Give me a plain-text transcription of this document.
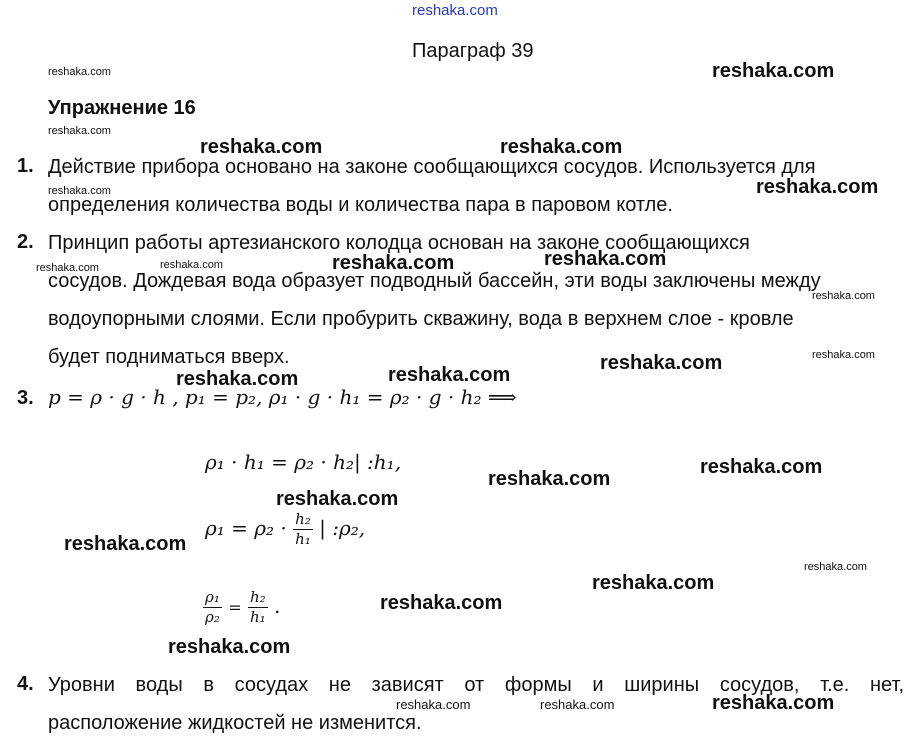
reshaka.com
Параграф 39
Упражнение 16
1. Действие прибора основано на законе сообщающихся сосудов. Используется для
определения количества воды и количества пара в паровом котле.
2. Принцип работы артезианского колодца основан на законе сообщающихся
сосудов. Дождевая вода образует подводный бассейн, эти воды заключены между
водоупорными слоями. Если пробурить скважину, вода в верхнем слое - кровле
будет подниматься вверх.
3. p = ρ · g · h , p₁ = p₂, ρ₁ · g · h₁ = ρ₂ · g · h₂ ⟹
ρ₁ · h₁ = ρ₂ · h₂| :h₁,
$\rho_1 = \rho_2 \cdot \frac{\text{h₂}}{\text{h₁}}$ | :ρ₂,
$\frac{\text{ρ₁}}{\text{ρ₂}} = \frac{\text{h₂}}{\text{h₁}}$ .
4. Уровни воды в сосудах не зависят от формы и ширины сосудов, т.е. нет,
расположение жидкостей не изменится.
reshaka.com
reshaka.com	reshaka.com
reshaka.com
reshaka.com	reshaka.com
reshaka.com
reshaka.com	reshaka.com
reshaka.com
reshaka.com
reshaka.com
reshaka.com
reshaka.com
reshaka.com
reshaka.com
reshaka.com
reshaka.com
reshaka.com
reshaka.com
reshaka.com	reshaka.com
reshaka.com
reshaka.com
reshaka.com
reshaka.com	reshaka.com
